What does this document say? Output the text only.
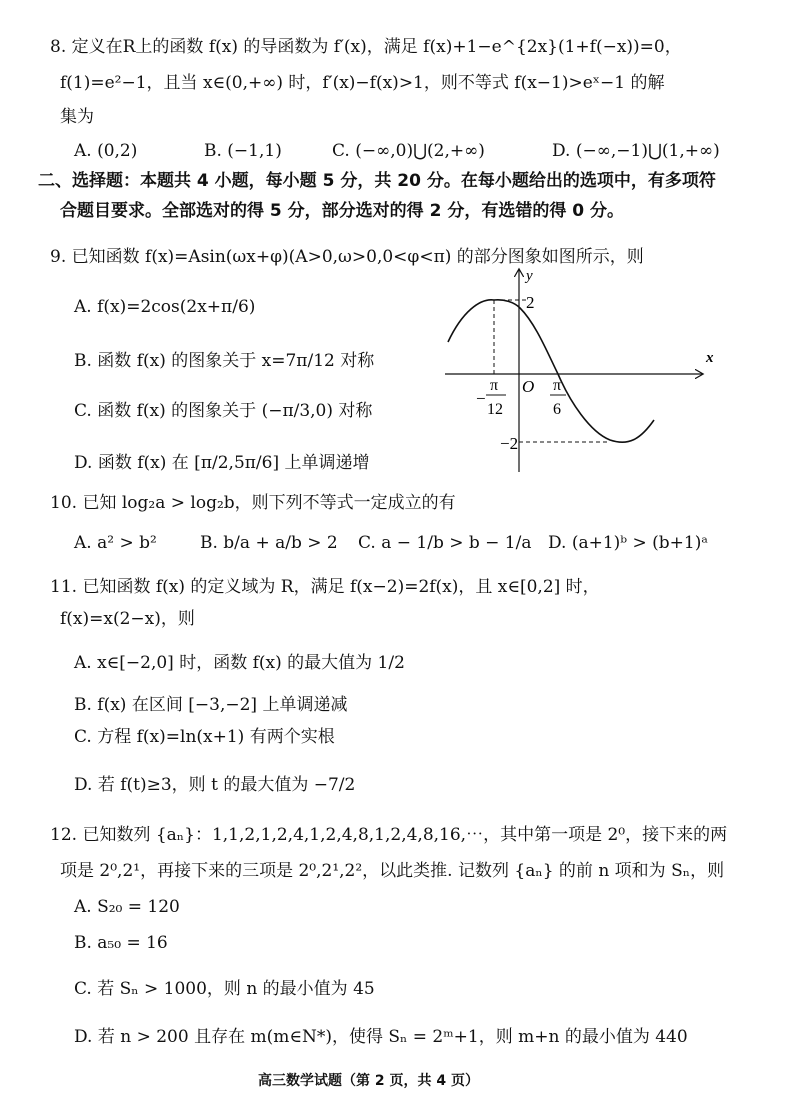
8. 定义在R上的函数 f(x) 的导函数为 f′(x)，满足 f(x)+1−e^{2x}(1+f(−x))=0，
f(1)=e²−1，且当 x∈(0,+∞) 时，f′(x)−f(x)>1，则不等式 f(x−1)>eˣ−1 的解
集为
A. (0,2)	B. (−1,1)	C. (−∞,0)⋃(2,+∞)	D. (−∞,−1)⋃(1,+∞)
二、选择题：本题共 4 小题，每小题 5 分，共 20 分。在每小题给出的选项中，有多项符
合题目要求。全部选对的得 5 分，部分选对的得 2 分，有选错的得 0 分。
9. 已知函数 f(x)=Asin(ωx+φ)(A>0,ω>0,0<φ<π) 的部分图象如图所示，则
A. f(x)=2cos(2x+π/6)
B. 函数 f(x) 的图象关于 x=7π/12 对称
C. 函数 f(x) 的图象关于 (−π/3,0) 对称
D. 函数 f(x) 在 [π/2,5π/6] 上单调递增
y
x
2
−2
O
−
π
12
π
6
10. 已知 log₂a > log₂b，则下列不等式一定成立的有
A. a² > b²	B. b/a + a/b > 2 C. a − 1/b > b − 1/a D. (a+1)ᵇ > (b+1)ᵃ
11. 已知函数 f(x) 的定义域为 R，满足 f(x−2)=2f(x)，且 x∈[0,2] 时，
f(x)=x(2−x)，则
A. x∈[−2,0] 时，函数 f(x) 的最大值为 1/2
B. f(x) 在区间 [−3,−2] 上单调递减
C. 方程 f(x)=ln(x+1) 有两个实根
D. 若 f(t)≥3，则 t 的最大值为 −7/2
12. 已知数列 {aₙ}：1,1,2,1,2,4,1,2,4,8,1,2,4,8,16,⋯，其中第一项是 2⁰，接下来的两
项是 2⁰,2¹，再接下来的三项是 2⁰,2¹,2²，以此类推. 记数列 {aₙ} 的前 n 项和为 Sₙ，则
A. S₂₀ = 120
B. a₅₀ = 16
C. 若 Sₙ > 1000，则 n 的最小值为 45
D. 若 n > 200 且存在 m(m∈N*)，使得 Sₙ = 2ᵐ+1，则 m+n 的最小值为 440
高三数学试题（第 2 页，共 4 页）
